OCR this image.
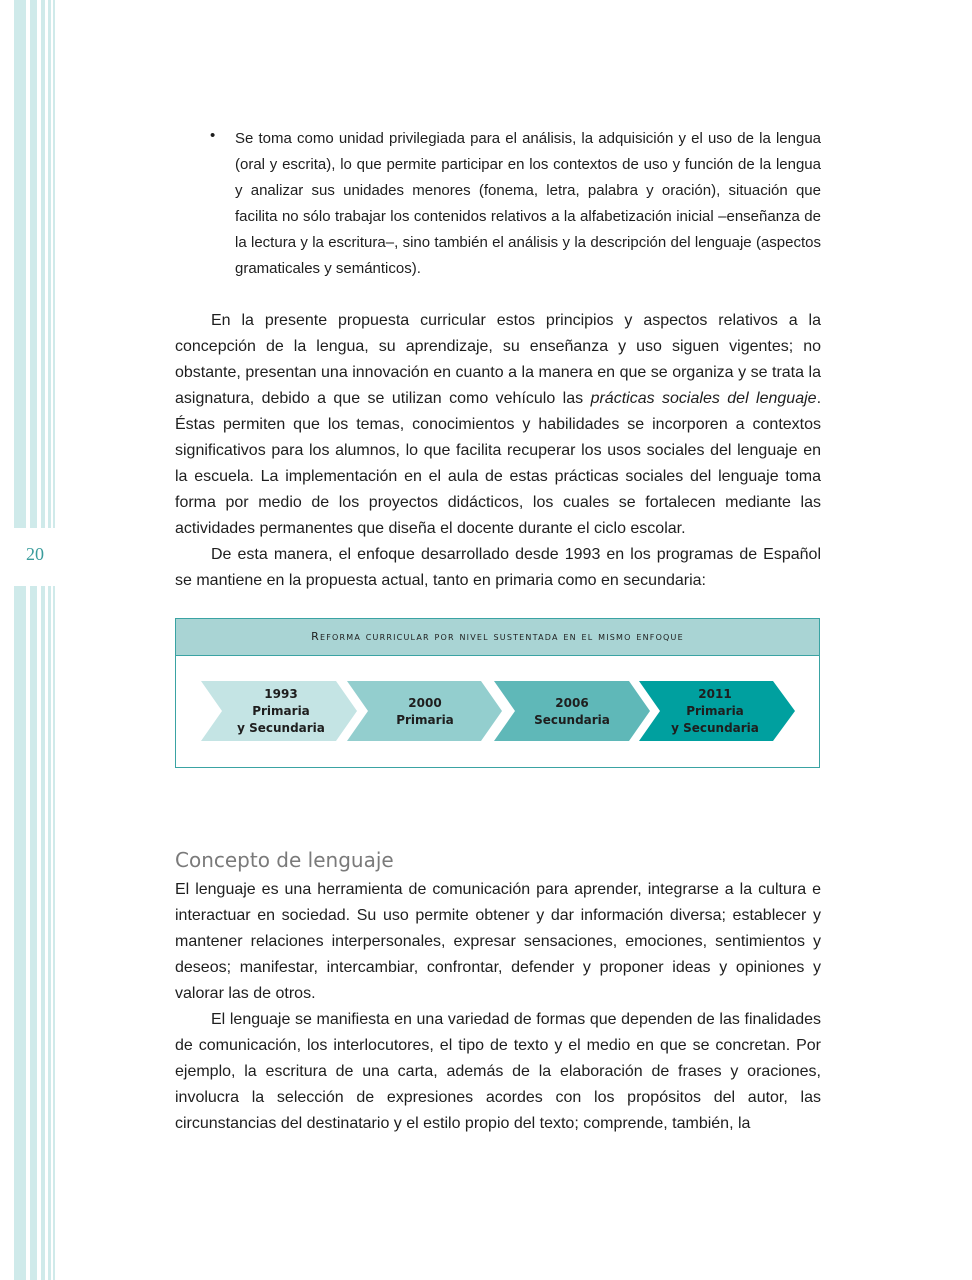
20
• Se toma como unidad privilegiada para el análisis, la adquisición y el uso de la lengua (oral y escrita), lo que permite participar en los contextos de uso y función de la lengua y analizar sus unidades menores (fonema, letra, palabra y oración), situación que facilita no sólo trabajar los contenidos relativos a la alfabetización inicial –enseñanza de la lectura y la escritura–, sino también el análisis y la descripción del lenguaje (aspectos gramaticales y semánticos).

En la presente propuesta curricular estos principios y aspectos relativos a la concepción de la lengua, su aprendizaje, su enseñanza y uso siguen vigentes; no obstante, presentan una innovación en cuanto a la manera en que se organiza y se trata la asignatura, debido a que se utilizan como vehículo las prácticas sociales del lenguaje. Éstas permiten que los temas, conocimientos y habilidades se incorporen a contextos significativos para los alumnos, lo que facilita recuperar los usos sociales del lenguaje en la escuela. La implementación en el aula de estas prácticas sociales del lenguaje toma forma por medio de los proyectos didácticos, los cuales se fortalecen mediante las actividades permanentes que diseña el docente durante el ciclo escolar.

De esta manera, el enfoque desarrollado desde 1993 en los programas de Español se mantiene en la propuesta actual, tanto en primaria como en secundaria:

Reforma curricular por nivel sustentada en el mismo enfoque
1993
Primaria
y Secundaria
2000
Primaria
2006
Secundaria
2011
Primaria
y Secundaria
Concepto de lenguaje

El lenguaje es una herramienta de comunicación para aprender, integrarse a la cultura e interactuar en sociedad. Su uso permite obtener y dar información diversa; establecer y mantener relaciones interpersonales, expresar sensaciones, emociones, sentimientos y deseos; manifestar, intercambiar, confrontar, defender y proponer ideas y opiniones y valorar las de otros.

El lenguaje se manifiesta en una variedad de formas que dependen de las finalidades de comunicación, los interlocutores, el tipo de texto y el medio en que se concretan. Por ejemplo, la escritura de una carta, además de la elaboración de frases y oraciones, involucra la selección de expresiones acordes con los propósitos del autor, las circunstancias del destinatario y el estilo propio del texto; comprende, también, la
